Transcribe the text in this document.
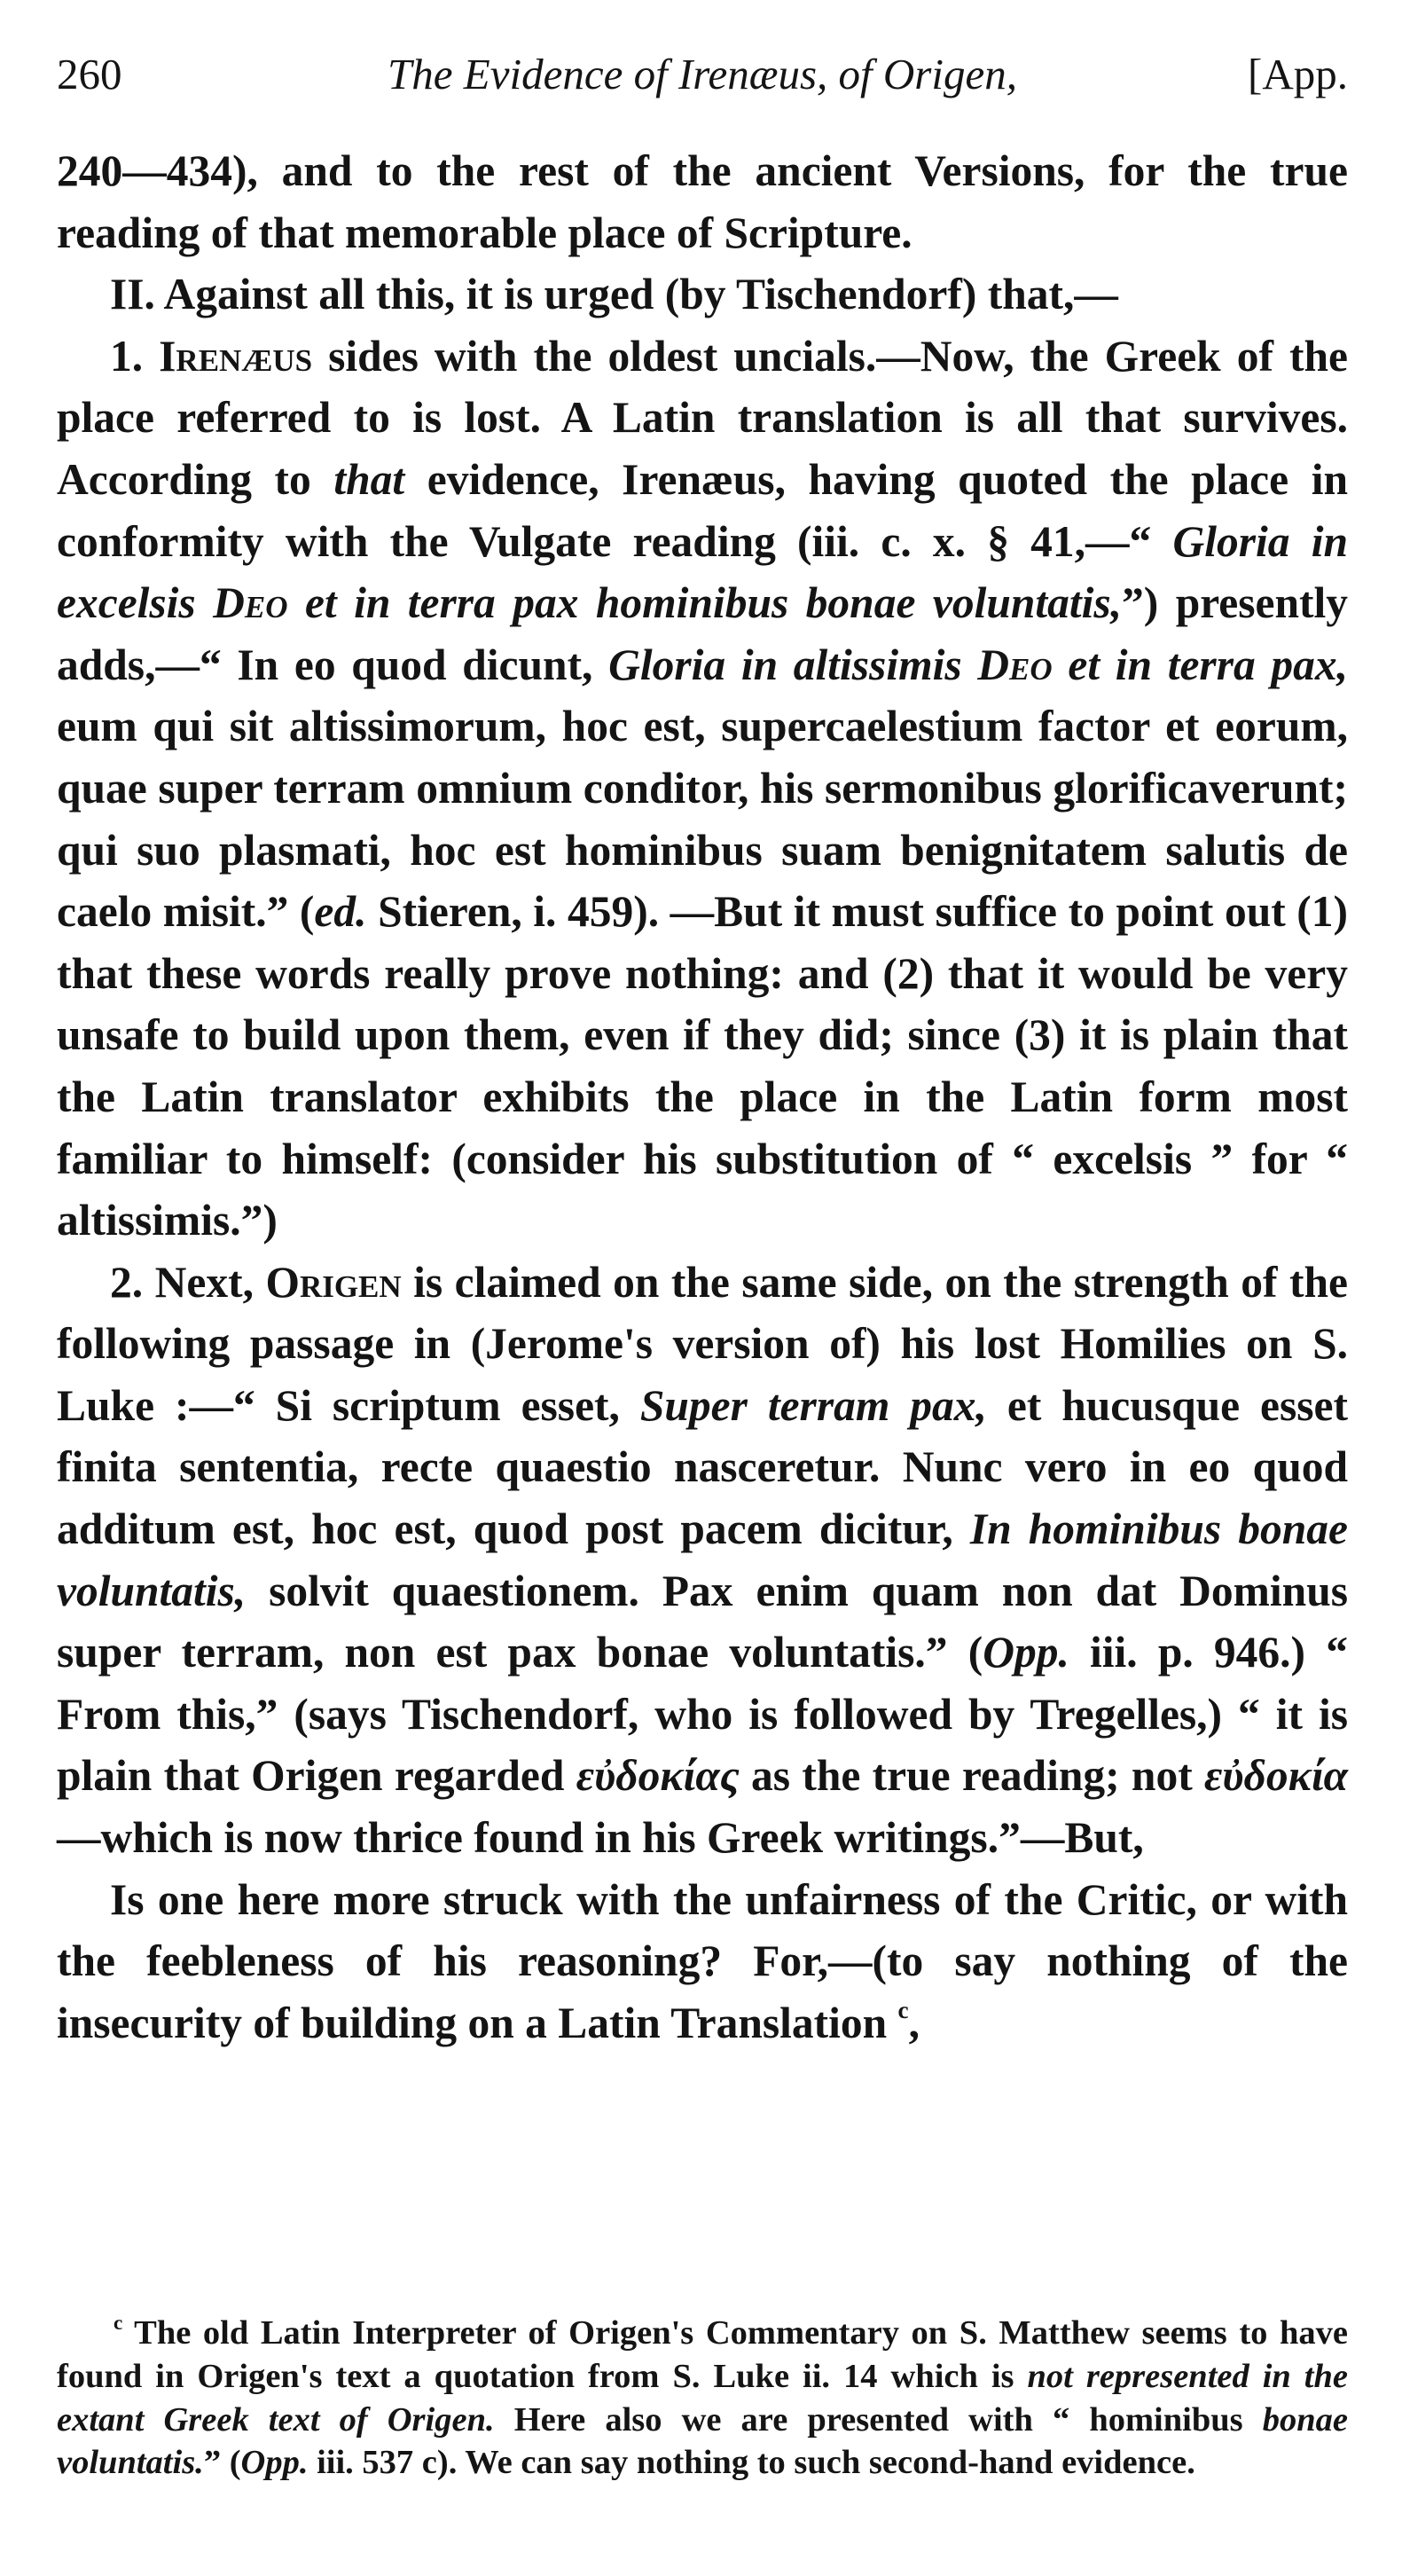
260	The Evidence of Irenæus, of Origen,	[App.

240—434), and to the rest of the ancient Versions, for the true reading of that memorable place of Scripture.

II. Against all this, it is urged (by Tischendorf) that,—

1. Irenæus sides with the oldest uncials.—Now, the Greek of the place referred to is lost. A Latin translation is all that survives. According to that evidence, Irenæus, having quoted the place in conformity with the Vulgate reading (iii. c. x. § 41,—“ Gloria in excelsis Deo et in terra pax hominibus bonae voluntatis,”) presently adds,—“ In eo quod dicunt, Gloria in altissimis Deo et in terra pax, eum qui sit altissimorum, hoc est, supercaelestium factor et eorum, quae super terram omnium conditor, his sermonibus glorificaverunt; qui suo plasmati, hoc est hominibus suam benignitatem salutis de caelo misit.” (ed. Stieren, i. 459). —But it must suffice to point out (1) that these words really prove nothing: and (2) that it would be very unsafe to build upon them, even if they did; since (3) it is plain that the Latin translator exhibits the place in the Latin form most familiar to himself: (consider his substitution of “ excelsis ” for “ altissimis.”)

2. Next, Origen is claimed on the same side, on the strength of the following passage in (Jerome's version of) his lost Homilies on S. Luke :—“ Si scriptum esset, Super terram pax, et hucusque esset finita sententia, recte quaestio nasceretur. Nunc vero in eo quod additum est, hoc est, quod post pacem dicitur, In hominibus bonae voluntatis, solvit quaestionem. Pax enim quam non dat Dominus super terram, non est pax bonae voluntatis.” (Opp. iii. p. 946.) “ From this,” (says Tischendorf, who is followed by Tregelles,) “ it is plain that Origen regarded εὐδοκίας as the true reading; not εὐδοκία—which is now thrice found in his Greek writings.”—But,

Is one here more struck with the unfairness of the Critic, or with the feebleness of his reasoning? For,—(to say nothing of the insecurity of building on a Latin Translation $^c$,

$^c$ The old Latin Interpreter of Origen's Commentary on S. Matthew seems to have found in Origen's text a quotation from S. Luke ii. 14 which is not represented in the extant Greek text of Origen. Here also we are presented with “ hominibus bonae voluntatis.” (Opp. iii. 537 c). We can say nothing to such second-hand evidence.
